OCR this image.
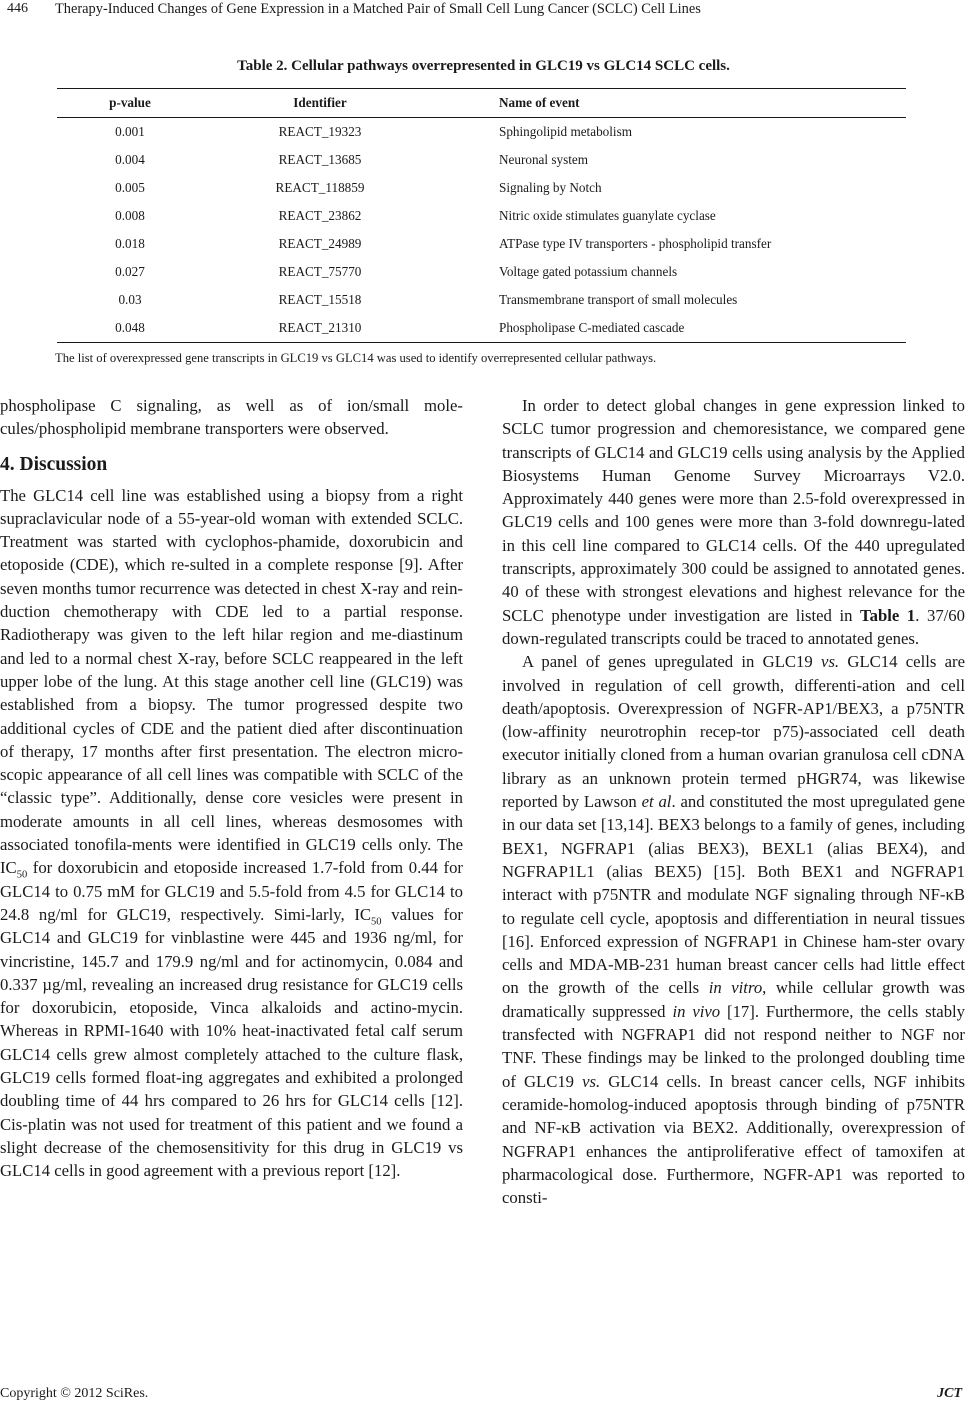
446 Therapy-Induced Changes of Gene Expression in a Matched Pair of Small Cell Lung Cancer (SCLC) Cell Lines
Table 2. Cellular pathways overrepresented in GLC19 vs GLC14 SCLC cells.
p-value	Identifier	Name of event
0.001	REACT_19323	Sphingolipid metabolism
0.004	REACT_13685	Neuronal system
0.005	REACT_118859	Signaling by Notch
0.008	REACT_23862	Nitric oxide stimulates guanylate cyclase
0.018	REACT_24989	ATPase type IV transporters - phospholipid transfer
0.027	REACT_75770	Voltage gated potassium channels
0.03	REACT_15518	Transmembrane transport of small molecules
0.048	REACT_21310	Phospholipase C-mediated cascade
The list of overexpressed gene transcripts in GLC19 vs GLC14 was used to identify overrepresented cellular pathways.

phospholipase C signaling, as well as of ion/small mole-cules/phospholipid membrane transporters were observed.

4. Discussion

The GLC14 cell line was established using a biopsy from a right supraclavicular node of a 55-year-old woman with extended SCLC. Treatment was started with cyclophos-phamide, doxorubicin and etoposide (CDE), which re-sulted in a complete response [9]. After seven months tumor recurrence was detected in chest X-ray and rein-duction chemotherapy with CDE led to a partial response. Radiotherapy was given to the left hilar region and me-diastinum and led to a normal chest X-ray, before SCLC reappeared in the left upper lobe of the lung. At this stage another cell line (GLC19) was established from a biopsy. The tumor progressed despite two additional cycles of CDE and the patient died after discontinuation of therapy, 17 months after first presentation. The electron micro-scopic appearance of all cell lines was compatible with SCLC of the “classic type”. Additionally, dense core vesicles were present in moderate amounts in all cell lines, whereas desmosomes with associated tonofila-ments were identified in GLC19 cells only. The $IC_{50}$ for doxorubicin and etoposide increased 1.7-fold from 0.44 for GLC14 to 0.75 mM for GLC19 and 5.5-fold from 4.5 for GLC14 to 24.8 ng/ml for GLC19, respectively. Simi-larly, $IC_{50}$ values for GLC14 and GLC19 for vinblastine were 445 and 1936 ng/ml, for vincristine, 145.7 and 179.9 ng/ml and for actinomycin, 0.084 and 0.337 µg/ml, revealing an increased drug resistance for GLC19 cells for doxorubicin, etoposide, Vinca alkaloids and actino-mycin. Whereas in RPMI-1640 with 10% heat-inactivated fetal calf serum GLC14 cells grew almost completely attached to the culture flask, GLC19 cells formed float-ing aggregates and exhibited a prolonged doubling time of 44 hrs compared to 26 hrs for GLC14 cells [12]. Cis-platin was not used for treatment of this patient and we found a slight decrease of the chemosensitivity for this drug in GLC19 vs GLC14 cells in good agreement with a previous report [12].

In order to detect global changes in gene expression linked to SCLC tumor progression and chemoresistance, we compared gene transcripts of GLC14 and GLC19 cells using analysis by the Applied Biosystems Human Genome Survey Microarrays V2.0. Approximately 440 genes were more than 2.5-fold overexpressed in GLC19 cells and 100 genes were more than 3-fold downregu-lated in this cell line compared to GLC14 cells. Of the 440 upregulated transcripts, approximately 300 could be assigned to annotated genes. 40 of these with strongest elevations and highest relevance for the SCLC phenotype under investigation are listed in Table 1. 37/60 down-regulated transcripts could be traced to annotated genes.

A panel of genes upregulated in GLC19 vs. GLC14 cells are involved in regulation of cell growth, differenti-ation and cell death/apoptosis. Overexpression of NGFR-AP1/BEX3, a p75NTR (low-affinity neurotrophin recep-tor p75)-associated cell death executor initially cloned from a human ovarian granulosa cell cDNA library as an unknown protein termed pHGR74, was likewise reported by Lawson et al. and constituted the most upregulated gene in our data set [13,14]. BEX3 belongs to a family of genes, including BEX1, NGFRAP1 (alias BEX3), BEXL1 (alias BEX4), and NGFRAP1L1 (alias BEX5) [15]. Both BEX1 and NGFRAP1 interact with p75NTR and modulate NGF signaling through NF-κB to regulate cell cycle, apoptosis and differentiation in neural tissues [16]. Enforced expression of NGFRAP1 in Chinese ham-ster ovary cells and MDA-MB-231 human breast cancer cells had little effect on the growth of the cells in vitro, while cellular growth was dramatically suppressed in vivo [17]. Furthermore, the cells stably transfected with NGFRAP1 did not respond neither to NGF nor TNF. These findings may be linked to the prolonged doubling time of GLC19 vs. GLC14 cells. In breast cancer cells, NGF inhibits ceramide-homolog-induced apoptosis through binding of p75NTR and NF-κB activation via BEX2. Additionally, overexpression of NGFRAP1 enhances the antiproliferative effect of tamoxifen at pharmacological dose. Furthermore, NGFR-AP1 was reported to consti-

Copyright © 2012 SciRes.	JCT
